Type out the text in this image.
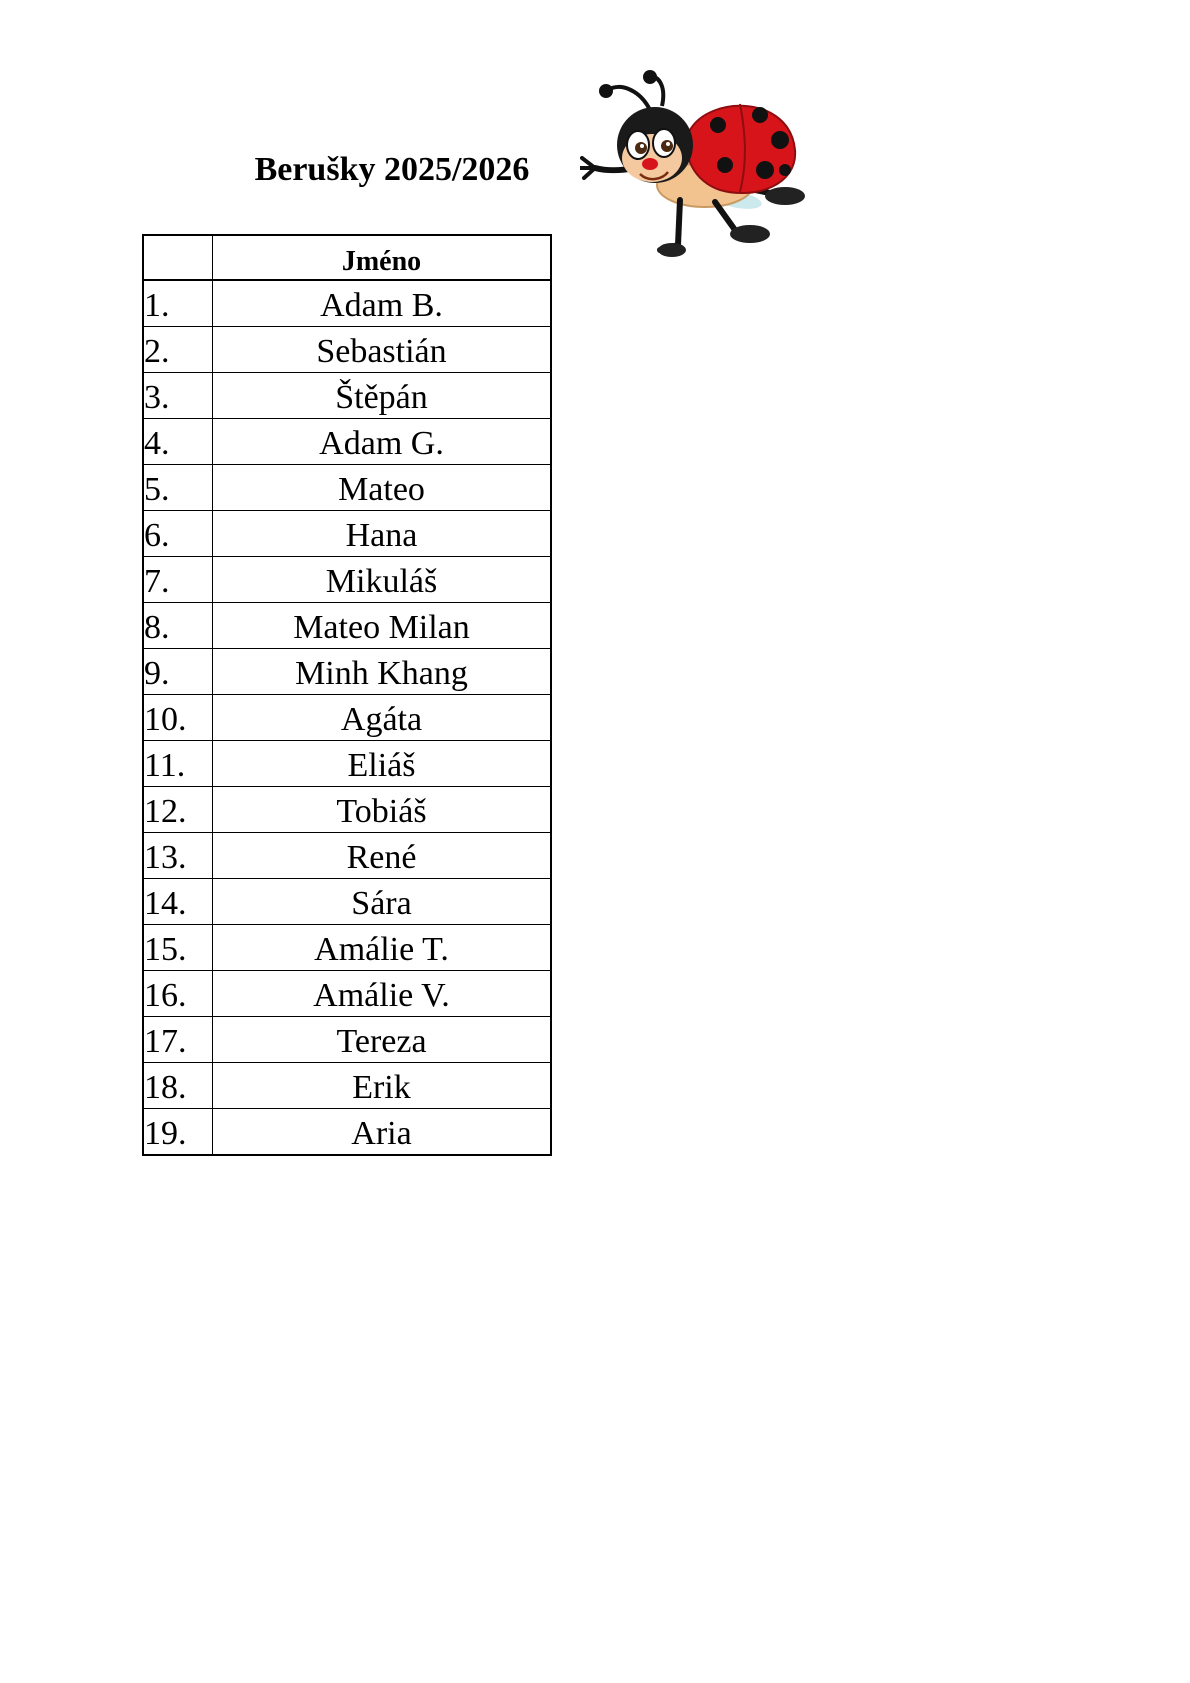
Berušky 2025/2026
	Jméno
1.	Adam B.
2.	Sebastián
3.	Štěpán
4.	Adam G.
5.	Mateo
6.	Hana
7.	Mikuláš
8.	Mateo Milan
9.	Minh Khang
10.	Agáta
11.	Eliáš
12.	Tobiáš
13.	René
14.	Sára
15.	Amálie T.
16.	Amálie V.
17.	Tereza
18.	Erik
19.	Aria
